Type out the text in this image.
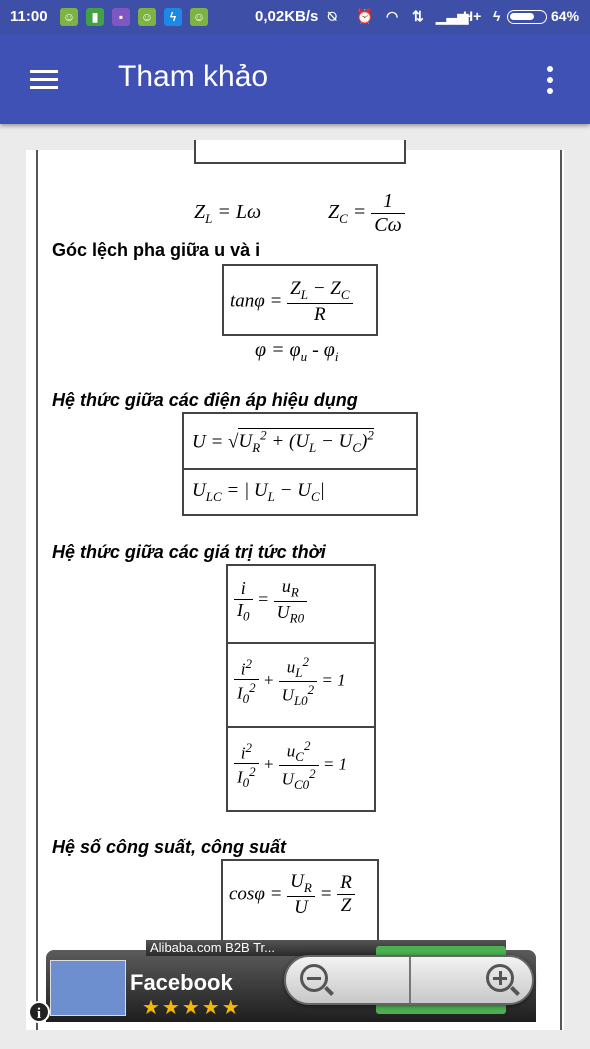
11:00 ☺	▮	▪	☺	ϟ	☺	0,02KB/s ⍉ ⏰ ◠ ⇅ ▁▃▅
H+ ϟ	64%
Tham khảo
$Z_L = L\omega$	$Z_C = \frac{1}{C\omega}$
Góc lệch pha giữa u và i
$\tan\varphi = \frac{Z_L - Z_C}{R}$
$\varphi = \varphi_u - \varphi_i$
Hệ thức giữa các điện áp hiệu dụng
$U = √U_R^2 + (U_L - U_C)^2$
$U_{LC}$ = | $U_L - U_C|$
Hệ thức giữa các giá trị tức thời
$\frac{i}{I_0} = \frac{u_R}{U_{R0}}$
$\frac{i^2}{I_0^2} + \frac{u_L^2}{U_{L0}^2} = 1$
$\frac{i^2}{I_0^2} + \frac{u_C^2}{U_{C0}^2} = 1$
Hệ số công suất, công suất
$\cos\varphi = \frac{U_R}{U} = \frac{R}{Z}$
Alibaba.com B2B Tr...
Facebook
★★★★★
i
